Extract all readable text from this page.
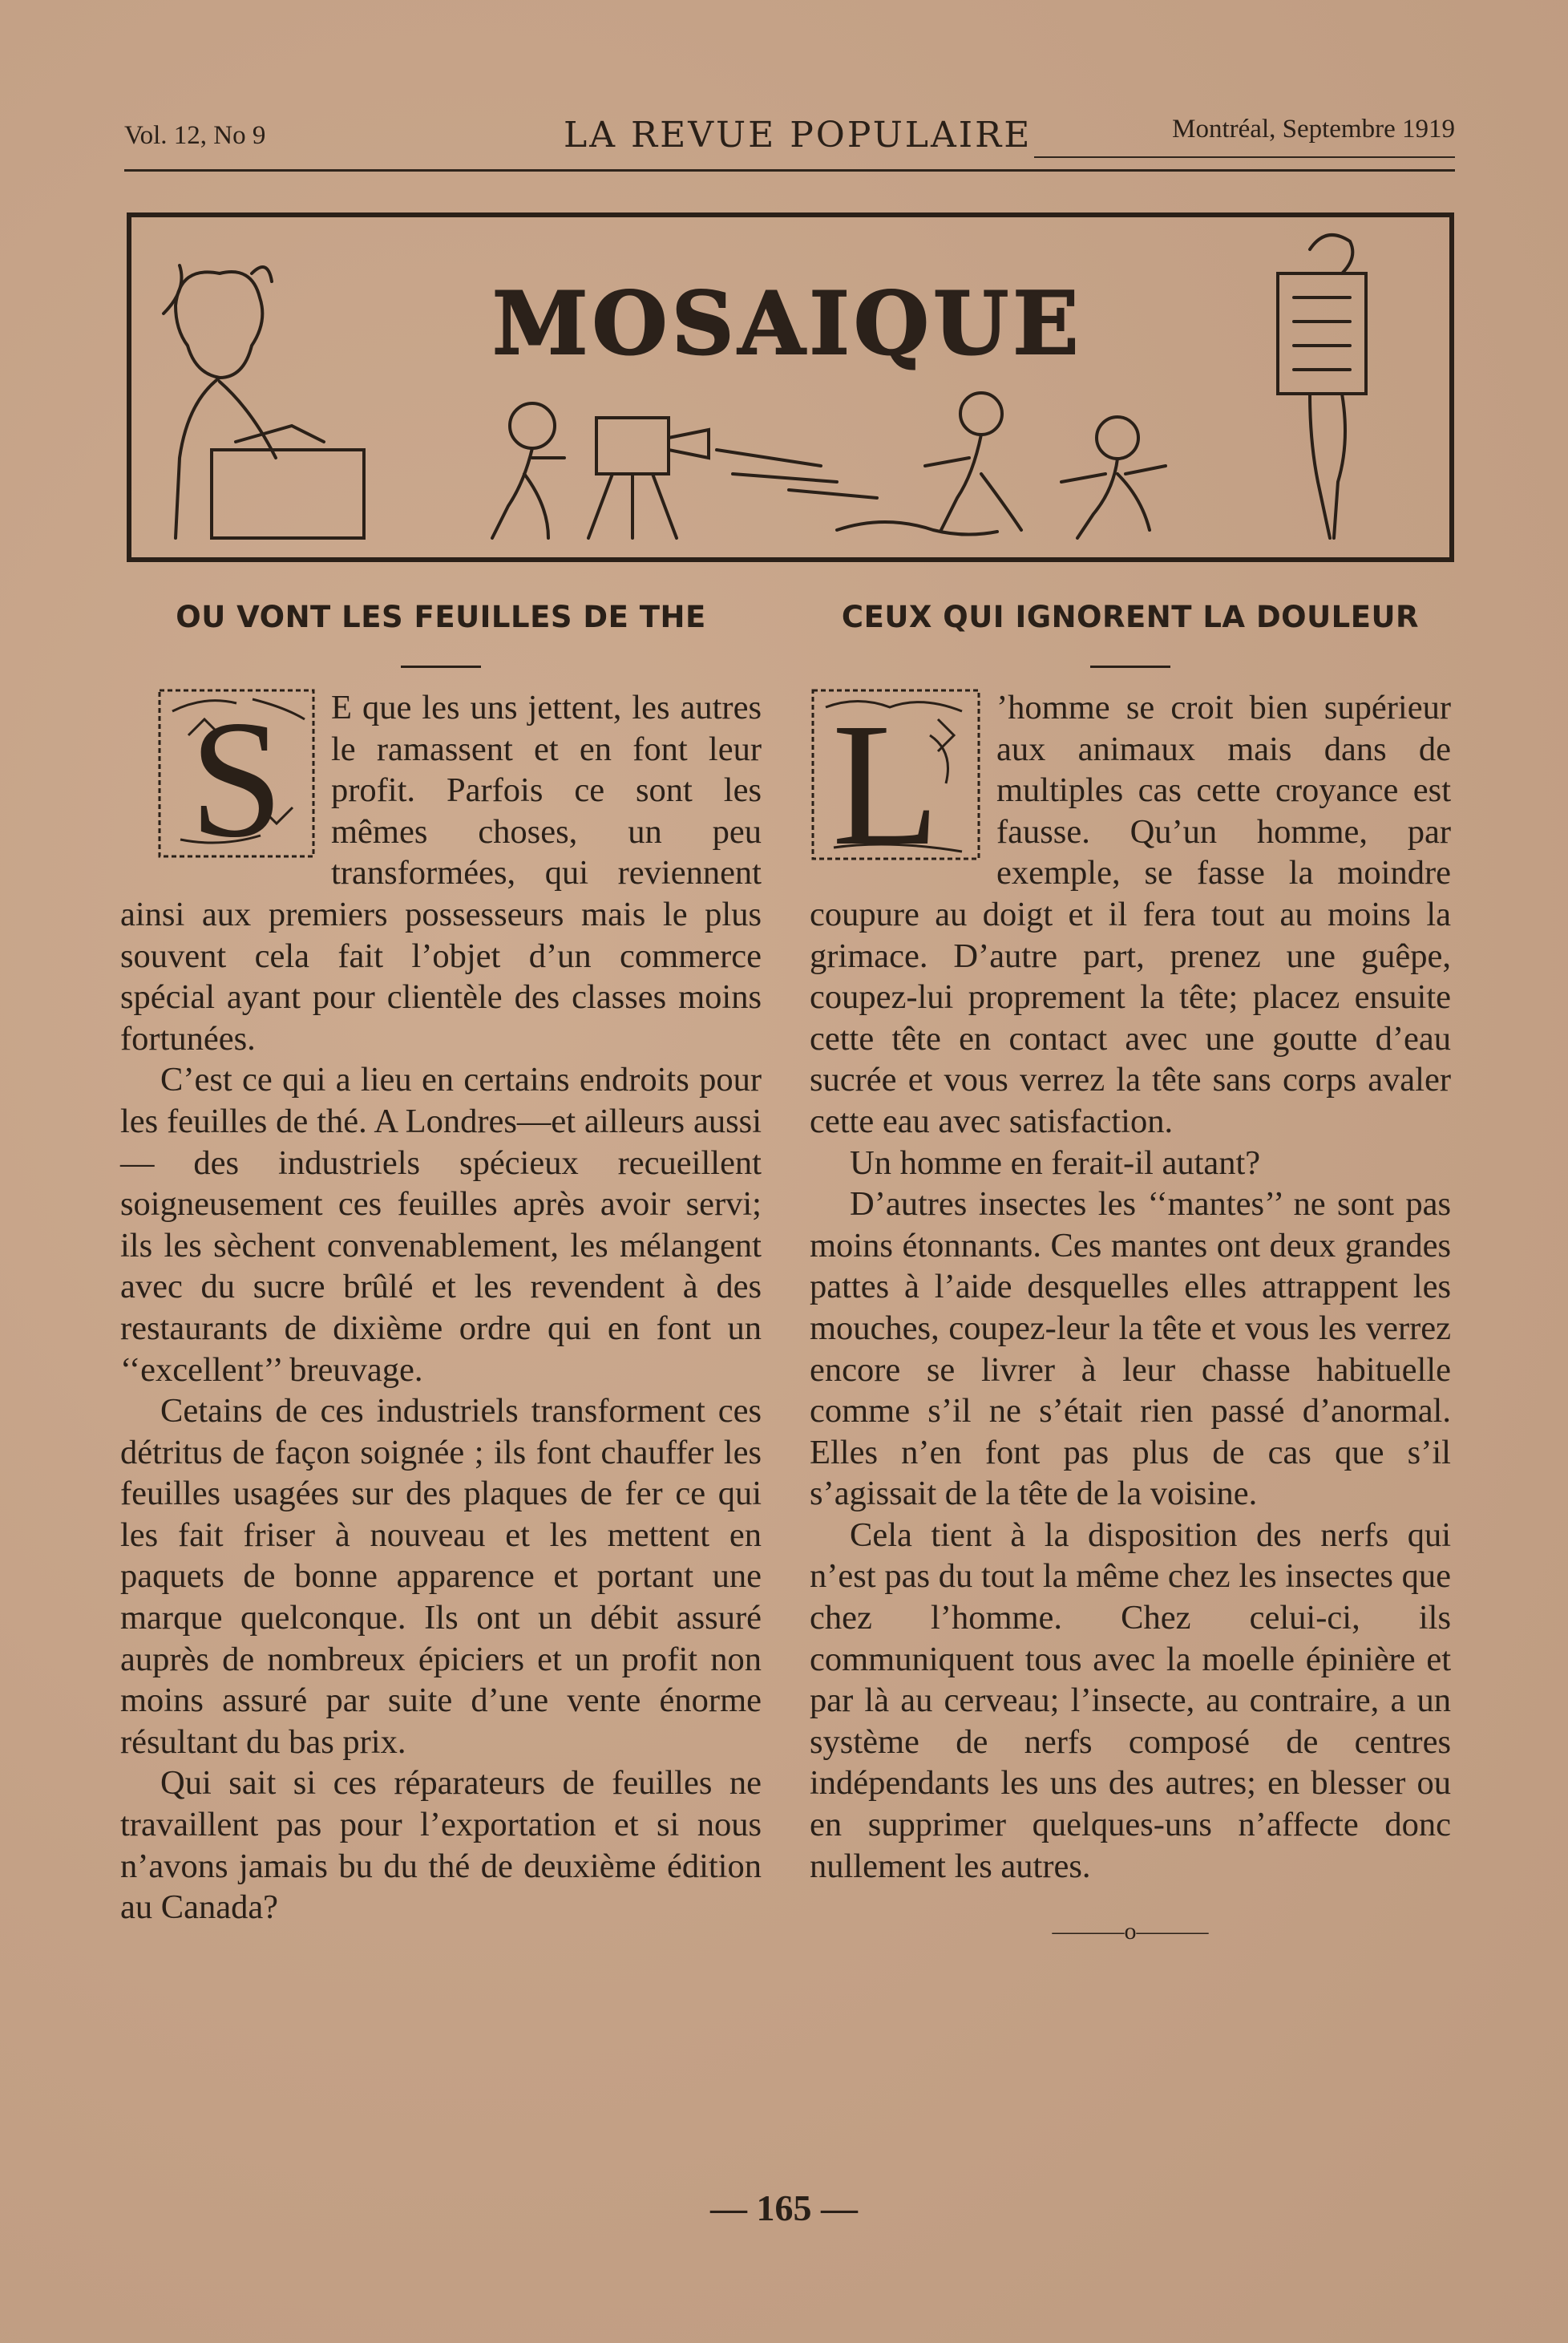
Vol. 12, No 9	LA REVUE POPULAIRE	Montréal, Septembre 1919
MOSAIQUE
OU VONT LES FEUILLES DE THE
S	E que les uns jettent, les autres le ramassent et en font leur profit. Parfois ce sont les mêmes choses, un peu transformées, qui reviennent ainsi aux premiers possesseurs mais le plus souvent cela fait l’objet d’un commerce spécial ayant pour clientèle des classes moins fortunées.

C’est ce qui a lieu en certains endroits pour les feuilles de thé. A Londres—et ailleurs aussi — des industriels spécieux recueillent soigneusement ces feuilles après avoir servi; ils les sèchent convenablement, les mélangent avec du sucre brûlé et les revendent à des restaurants de dixième ordre qui en font un ‘‘excellent’’ breuvage.

Cetains de ces industriels transforment ces détritus de façon soignée ; ils font chauffer les feuilles usagées sur des plaques de fer ce qui les fait friser à nouveau et les mettent en paquets de bonne apparence et portant une marque quelconque. Ils ont un débit assuré auprès de nombreux épiciers et un profit non moins assuré par suite d’une vente énorme résultant du bas prix.

Qui sait si ces réparateurs de feuilles ne travaillent pas pour l’exportation et si nous n’avons jamais bu du thé de deuxième édition au Canada?

CEUX QUI IGNORENT LA DOULEUR
L	’homme se croit bien supérieur aux animaux mais dans de multiples cas cette croyance est fausse. Qu’un homme, par exemple, se fasse la moindre coupure au doigt et il fera tout au moins la grimace. D’autre part, prenez une guêpe, coupez-lui proprement la tête; placez ensuite cette tête en contact avec une goutte d’eau sucrée et vous verrez la tête sans corps avaler cette eau avec satisfaction.

Un homme en ferait-il autant?

D’autres insectes les ‘‘mantes’’ ne sont pas moins étonnants. Ces mantes ont deux grandes pattes à l’aide desquelles elles attrappent les mouches, coupez-leur la tête et vous les verrez encore se livrer à leur chasse habituelle comme s’il ne s’était rien passé d’anormal. Elles n’en font pas plus de cas que s’il s’agissait de la tête de la voisine.

Cela tient à la disposition des nerfs qui n’est pas du tout la même chez les insectes que chez l’homme. Chez celui-ci, ils communiquent tous avec la moelle épinière et par là au cerveau; l’insecte, au contraire, a un système de nerfs composé de centres indépendants les uns des autres; en blesser ou en supprimer quelques-uns n’affecte donc nullement les autres.

———o———
— 165 —
